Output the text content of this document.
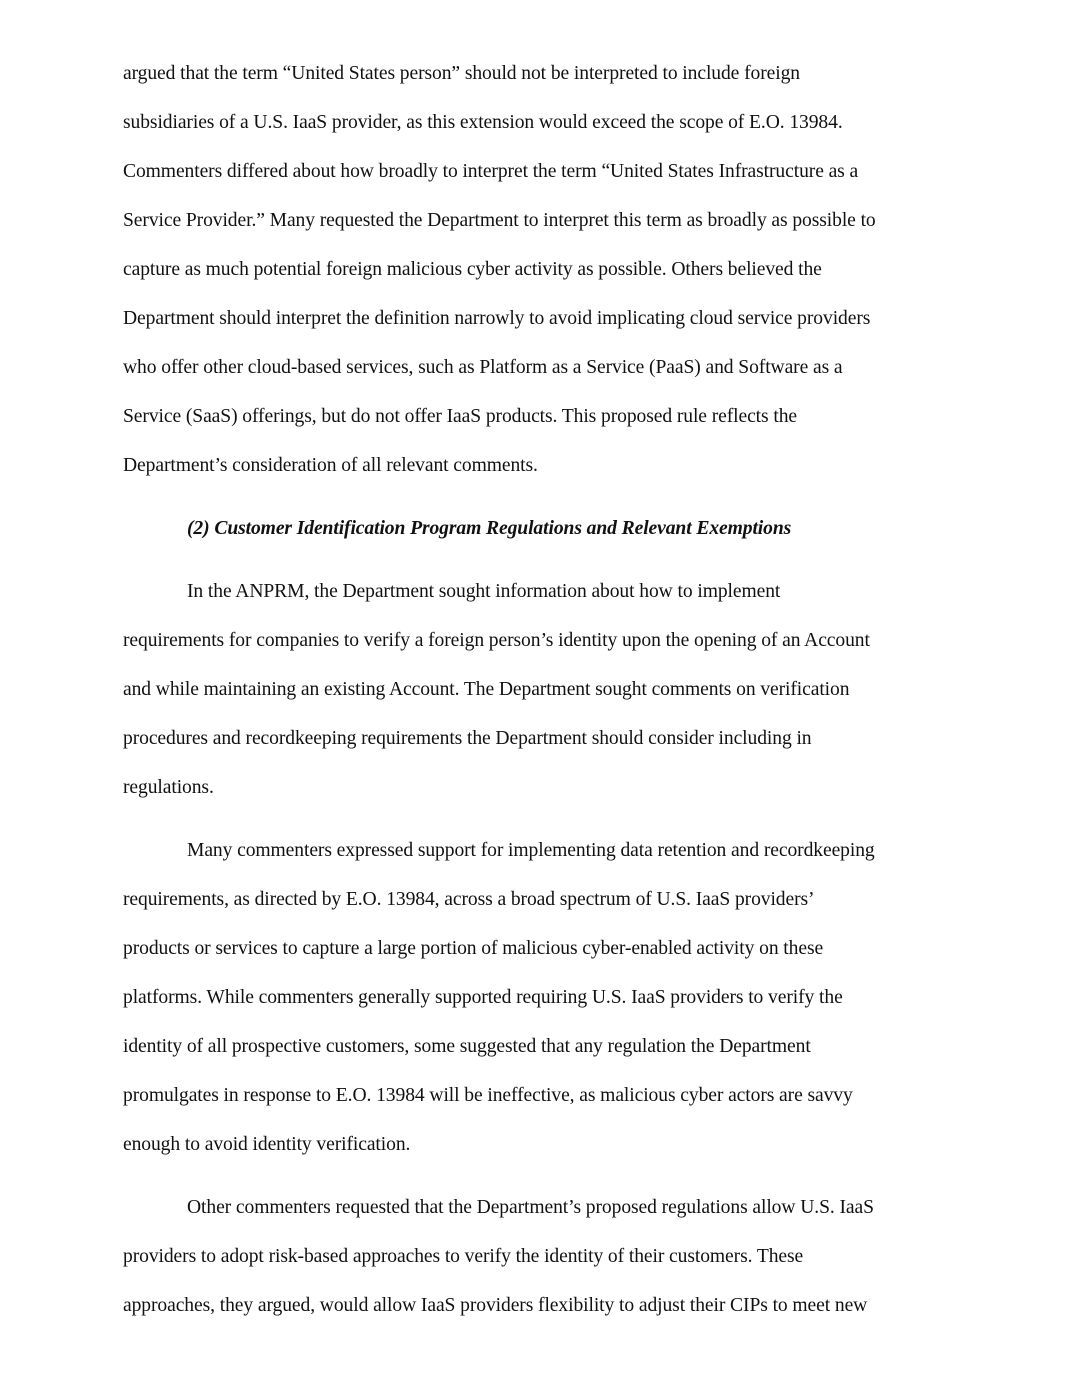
argued that the term “United States person” should not be interpreted to include foreign
subsidiaries of a U.S. IaaS provider, as this extension would exceed the scope of E.O. 13984.
Commenters differed about how broadly to interpret the term “United States Infrastructure as a
Service Provider.” Many requested the Department to interpret this term as broadly as possible to
capture as much potential foreign malicious cyber activity as possible. Others believed the
Department should interpret the definition narrowly to avoid implicating cloud service providers
who offer other cloud-based services, such as Platform as a Service (PaaS) and Software as a
Service (SaaS) offerings, but do not offer IaaS products. This proposed rule reflects the
Department’s consideration of all relevant comments.
(2) Customer Identification Program Regulations and Relevant Exemptions
In the ANPRM, the Department sought information about how to implement
requirements for companies to verify a foreign person’s identity upon the opening of an Account
and while maintaining an existing Account. The Department sought comments on verification
procedures and recordkeeping requirements the Department should consider including in
regulations.
Many commenters expressed support for implementing data retention and recordkeeping
requirements, as directed by E.O. 13984, across a broad spectrum of U.S. IaaS providers’
products or services to capture a large portion of malicious cyber-enabled activity on these
platforms. While commenters generally supported requiring U.S. IaaS providers to verify the
identity of all prospective customers, some suggested that any regulation the Department
promulgates in response to E.O. 13984 will be ineffective, as malicious cyber actors are savvy
enough to avoid identity verification.
Other commenters requested that the Department’s proposed regulations allow U.S. IaaS
providers to adopt risk-based approaches to verify the identity of their customers. These
approaches, they argued, would allow IaaS providers flexibility to adjust their CIPs to meet new
